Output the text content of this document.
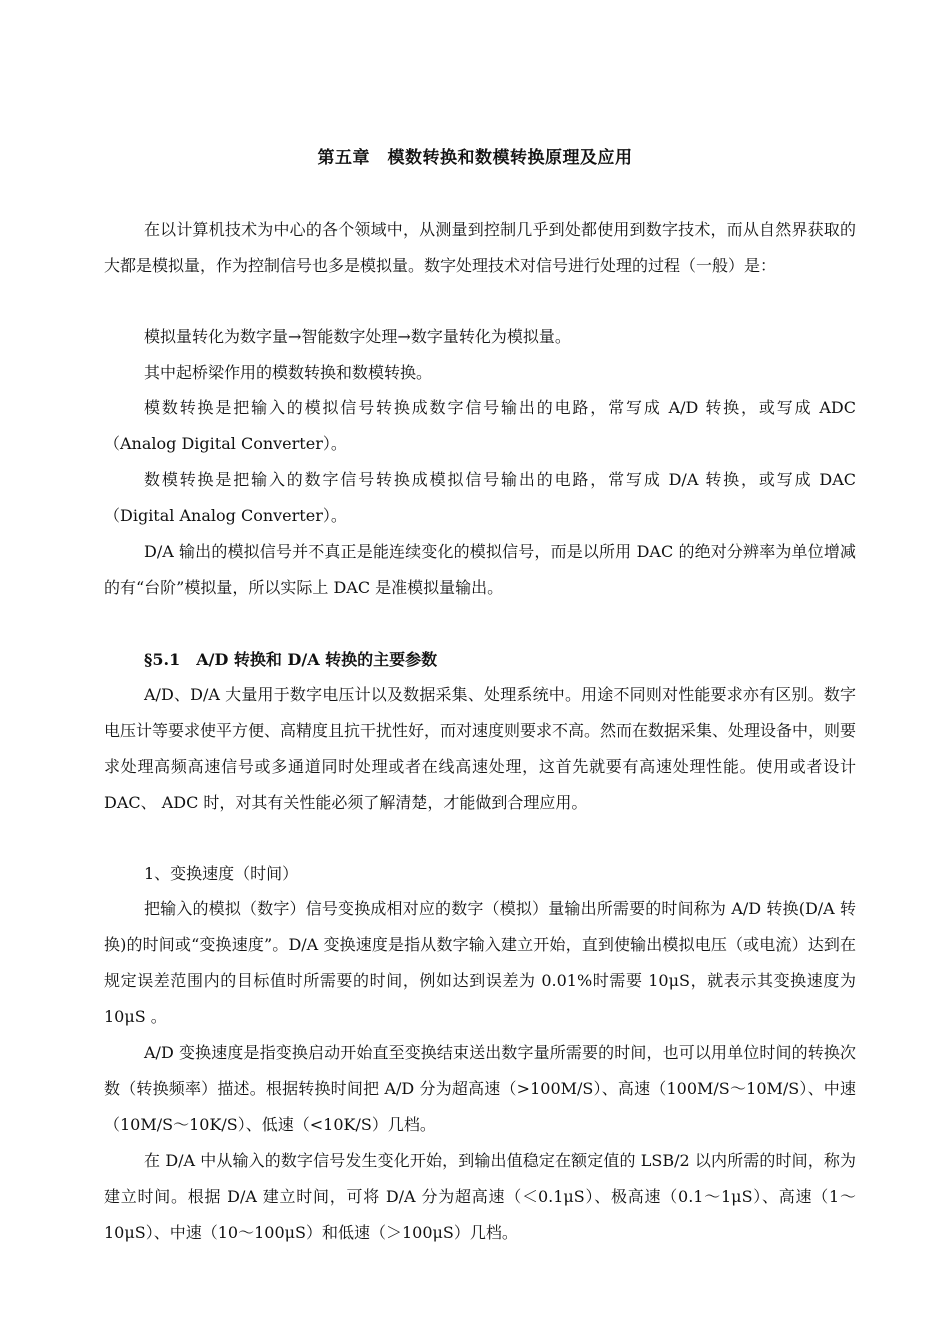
第五章　模数转换和数模转换原理及应用

在以计算机技术为中心的各个领域中，从测量到控制几乎到处都使用到数字技术，而从自然界获取的大都是模拟量，作为控制信号也多是模拟量。数字处理技术对信号进行处理的过程（一般）是：

模拟量转化为数字量→智能数字处理→数字量转化为模拟量。

其中起桥梁作用的模数转换和数模转换。

模数转换是把输入的模拟信号转换成数字信号输出的电路，常写成 A/D 转换，或写成 ADC（Analog Digital Converter）。

数模转换是把输入的数字信号转换成模拟信号输出的电路，常写成 D/A 转换，或写成 DAC（Digital Analog Converter）。

D/A 输出的模拟信号并不真正是能连续变化的模拟信号，而是以所用 DAC 的绝对分辨率为单位增减的有“台阶”模拟量，所以实际上 DAC 是准模拟量输出。

§5.1　A/D 转换和 D/A 转换的主要参数

A/D、D/A 大量用于数字电压计以及数据采集、处理系统中。用途不同则对性能要求亦有区别。数字电压计等要求使平方便、高精度且抗干扰性好，而对速度则要求不高。然而在数据采集、处理设备中，则要求处理高频高速信号或多通道同时处理或者在线高速处理，这首先就要有高速处理性能。使用或者设计 DAC、 ADC 时，对其有关性能必须了解清楚，才能做到合理应用。

1、变换速度（时间）

把输入的模拟（数字）信号变换成相对应的数字（模拟）量输出所需要的时间称为 A/D 转换(D/A 转换)的时间或“变换速度”。D/A 变换速度是指从数字输入建立开始，直到使输出模拟电压（或电流）达到在规定误差范围内的目标值时所需要的时间，例如达到误差为 0.01%时需要 10μS，就表示其变换速度为 10μS 。

A/D 变换速度是指变换启动开始直至变换结束送出数字量所需要的时间，也可以用单位时间的转换次数（转换频率）描述。根据转换时间把 A/D 分为超高速（>100M/S）、高速（100M/S～10M/S）、中速（10M/S～10K/S）、低速（<10K/S）几档。

在 D/A 中从输入的数字信号发生变化开始，到输出值稳定在额定值的 LSB/2 以内所需的时间，称为建立时间。根据 D/A 建立时间，可将 D/A 分为超高速（＜0.1μS）、极高速（0.1～1μS）、高速（1～10μS）、中速（10～100μS）和低速（＞100μS）几档。
